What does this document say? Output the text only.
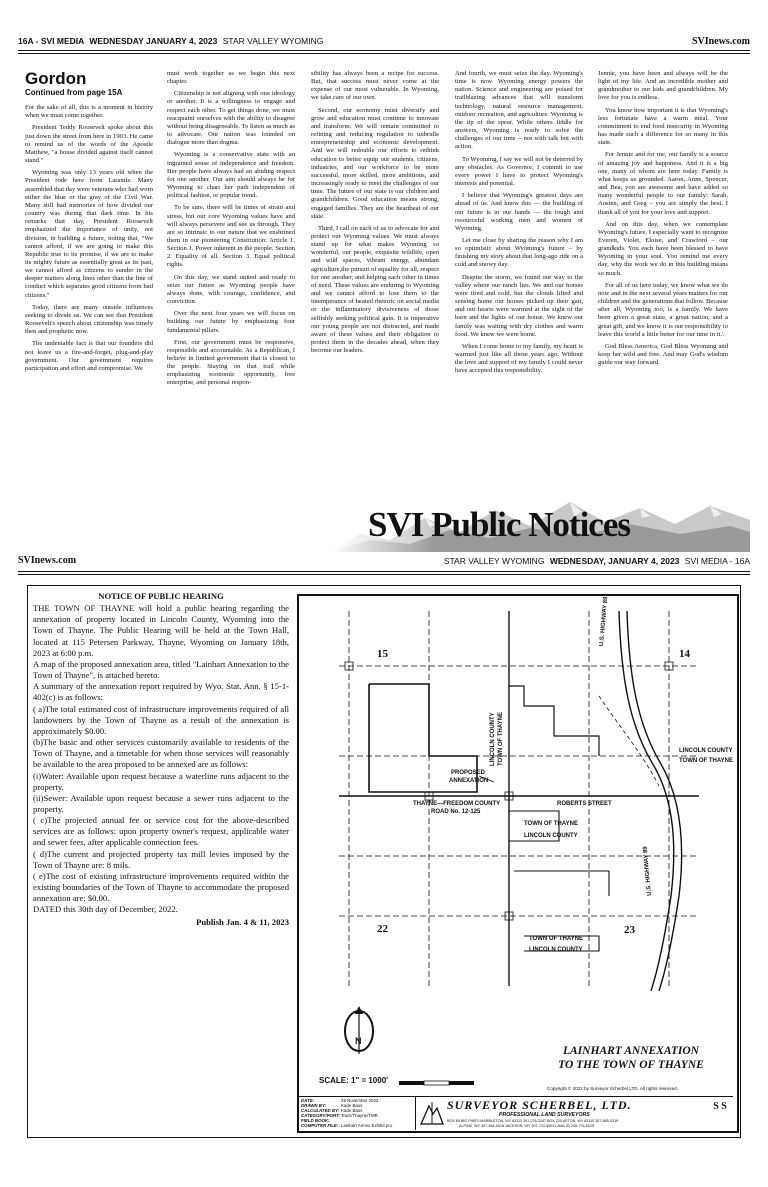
16A - SVI MEDIA WEDNESDAY JANUARY 4, 2023 STAR VALLEY WYOMING	SVInews.com
Gordon
Continued from page 15A

For the sake of all, this is a moment in history when we must come together.

President Teddy Roosevelt spoke about this just down the street from here in 1903. He came to remind us of the words of the Apostle Matthew, "a house divided against itself cannot stand."

Wyoming was only 13 years old when the President rode here from Laramie. Many assembled that day were veterans who had worn either the blue or the gray of the Civil War. Many still had memories of how divided our country was during that dark time. In his remarks that day, President Roosevelt emphasized the importance of unity, not division, in building a future, noting that, "We cannot afford, if we are going to make this Republic true to its promise, if we are to make its mighty future as essentially great as its past, we cannot afford as citizens to sunder in the deeper matters along lines other than the line of conduct which separates good citizens from bad citizens."

Today, there are many outside influences seeking to divide us. We can see that President Roosevelt's speech about citizenship was timely then and prophetic now.

The undeniable fact is that our founders did not leave us a fire-and-forget, plug-and-play government. Our government requires participation and effort and compromise. We

must work together as we begin this next chapter.

Citizenship is not aligning with one ideology or another. It is a willingness to engage and respect each other. To get things done, we must reacquaint ourselves with the ability to disagree without being disagreeable. To listen as much as to advocate. Our nation was founded on dialogue more than dogma.

Wyoming is a conservative state with an ingrained sense of independence and freedom. Her people have always had an abiding respect for one another. Our aim should always be for Wyoming to chart her path independent of political fashion, or popular trend.

To be sure, there will be times of strain and stress, but our core Wyoming values have and will always persevere and see us through. They are so intrinsic to our nature that we enshrined them in our pioneering Constitution: Article 1. Section 1. Power inherent in the people. Section 2. Equality of all. Section 3. Equal political rights.

On this day, we stand united and ready to seize our future as Wyoming people have always done, with courage, confidence, and conviction.

Over the next four years we will focus on building our future by emphasizing four fundamental pillars.

First, our government must be responsive, responsible and accountable. As a Republican, I believe in limited government that is closest to the people. Staying on that trail while emphasizing economic opportunity, free enterprise, and personal respon-

sibility has always been a recipe for success. But, that success must never come at the expense of our most vulnerable. In Wyoming, we take care of our own.

Second, our economy must diversify and grow and education must continue to innovate and transform. We will remain committed to refining and reducing regulation to unbridle entrepreneurship and economic development. And we will redouble our efforts to rethink education to better equip our students, citizens, industries, and our workforce to be more successful, more skilled, more ambitious, and increasingly ready to meet the challenges of our time. The future of our state is our children and grandchildren. Good education means strong, engaged families. They are the heartbeat of our state.

Third, I call on each of us to advocate for and protect our Wyoming values. We must always stand up for what makes Wyoming so wonderful, our people, exquisite wildlife, open and wild spaces, vibrant energy, abundant agriculture,the pursuit of equality for all, respect for one another, and helping each other in times of need. These values are enduring to Wyoming and we cannot afford to lose them to the intemperance of heated rhetoric on social media or the inflammatory divisiveness of those selfishly seeking political gain. It is imperative our young people are not distracted, and made aware of these values and their obligation to protect them in the decades ahead, when they become our leaders.

And fourth, we must seize the day. Wyoming's time is now. Wyoming energy powers the nation. Science and engineering are poised for trailblazing advances that will transform technology, natural resource management, outdoor recreation, and agriculture. Wyoming is the tip of the spear. While others fiddle for answers, Wyoming is ready to solve the challenges of our time – not with talk but with action.

To Wyoming, I say we will not be deterred by any obstacles. As Governor, I commit to use every power I have to protect Wyoming's interests and potential.

I believe that Wyoming's greatest days are ahead of us. And know this — the building of our future is in our hands — the tough and resourceful working men and women of Wyoming.

Let me close by sharing the reason why I am so optimistic about Wyoming's future – by finishing my story about that long-ago ride on a cold and snowy day.

Despite the storm, we found our way to the valley where our ranch lies. We and our horses were tired and cold, but the clouds lifted and sensing home our horses picked up their gait, and our hearts were warmed at the sight of the barn and the lights of our house. We knew our family was waiting with dry clothes and warm food. We knew we were home.

When I come home to my family, my heart is warmed just like all those years ago. Without the love and support of my family I could never have accepted this responsibility.

Jennie, you have been and always will be the light of my life. And an incredible mother and grandmother to our kids and grandchildren. My love for you is endless.

You know how important it is that Wyoming's less fortunate have a warm meal. Your commitment to end food insecurity in Wyoming has made such a difference for so many in this state.

For Jennie and for me, our family is a source of amazing joy and happiness. And it is a big one, many of whom are here today. Family is what keeps us grounded. Aaron, Anne, Spencer, and Bea, you are awesome and have added so many wonderful people to our family: Sarah, Austen, and Greg – you are simply the best. I thank all of you for your love and support.

And on this day, when we contemplate Wyoming's future, I especially want to recognize Everett, Violet, Eloise, and Crawford – our grandkids. You each have been blessed to have Wyoming in your soul. You remind me every day, why the work we do in this building means so much.

For all of us here today, we know what we do now and in the next several years matters for our children and the generations that follow. Because after all, Wyoming too, is a family. We have been given a great state, a great nation, and a great gift, and we know it is our responsibility to leave this world a little better for our time in it.\

God Bless America, God Bless Wyoming and keep her wild and free. And may God's wisdom guide our way forward.

SVI Public Notices
SVInews.com	STAR VALLEY WYOMING WEDNESDAY, JANUARY 4, 2023 SVI MEDIA - 16A
NOTICE OF PUBLIC HEARING

THE TOWN OF THAYNE will hold a public hearing regarding the annexation of property located in Lincoln County, Wyoming into the Town of Thayne. The Public Hearing will be held at the Town Hall, located at 115 Petersen Parkway, Thayne, Wyoming on January 18th, 2023 at 6:00 p.m.

A map of the proposed annexation area, titled "Lainhart Annexation to the Town of Thayne", is attached hereto.

A summary of the annexation report required by Wyo. Stat. Ann. § 15-1-402(c) is as follows:

( a)The total estimated cost of infrastructure improvements required of all landowners by the Town of Thayne as a result of the annexation is approximately $0.00.

(b)The basic and other services customarily available to residents of the Town of Thayne, and a timetable for when those services will reasonably be available to the area proposed to be annexed are as follows:

(i)Water: Available upon request because a waterline runs adjacent to the property.

(ii)Sewer: Available upon request because a sewer runs adjacent to the property.

( c)The projected annual fee or service cost for the above-described services are as follows: upon property owner's request, applicable water and sewer fees, after applicable connection fees.

( d)The current and projected property tax mill levies imposed by the Town of Thayne are: 8 mils.

( e)The cost of existing infrastructure improvements required within the existing boundaries of the Town of Thayne to accommodate the proposed annexation are: $0.00.

DATED this 30th day of December, 2022.

Publish Jan. 4 & 11, 2023
15	14
22	23
U.S. HIGHWAY 89
U.S. HIGHWAY 89
LINCOLN COUNTY TOWN OF THAYNE	LINCOLN COUNTY
TOWN OF THAYNE
PROPOSED
ANNEXATION
THAYNE—FREEDOM COUNTY
ROAD No. 12-125
ROBERTS STREET
TOWN OF THAYNE
LINCOLN COUNTY
TOWN OF THAYNE
LINCOLN COUNTY
N
SCALE: 1" = 1000'
LAINHART ANNEXATION
TO THE TOWN OF THAYNE
Copyright © 2022 by Surveyor Scherbel LTD. All rights reserved.
DATE:	28 November 2022
DRAWN BY:	Kade Baus
CALCULATED BY: Kade Baus
CATEGORY/PORT:Town/Thayne/TMR
FIELD BOOK:
COMPUTER FILE: Lainhart Annex Exhibit.pro
SURVEYOR SCHERBEL, LTD.
PROFESSIONAL LAND SURVEYORS
BOX 69 BIG PINEY-MARBLETON, WY 83113 307-276-3347 BOX 225 AFTON, WY 83110 307-885-9319
ALPINE, WY 307-654-9318 JACKSON, WY 307-733-5903 LAVA, ID 208-776-5229
S S
